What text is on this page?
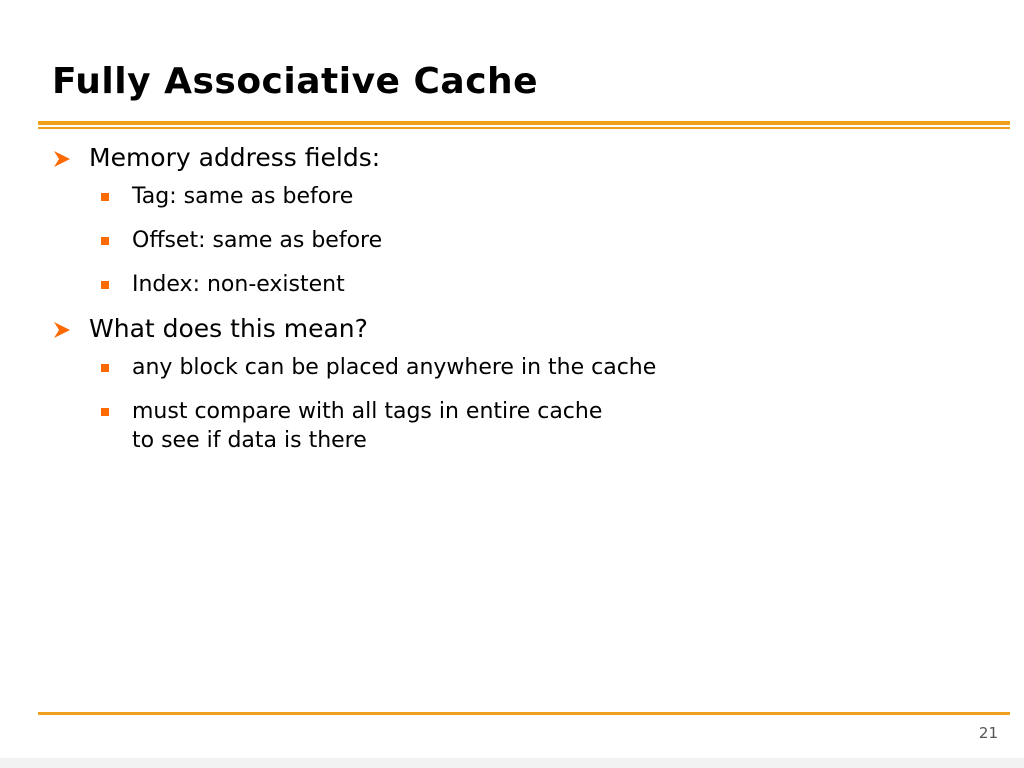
Fully Associative Cache
Memory address fields:
Tag: same as before
Offset: same as before
Index: non-existent
What does this mean?
any block can be placed anywhere in the cache
must compare with all tags in entire cache
to see if data is there
21
